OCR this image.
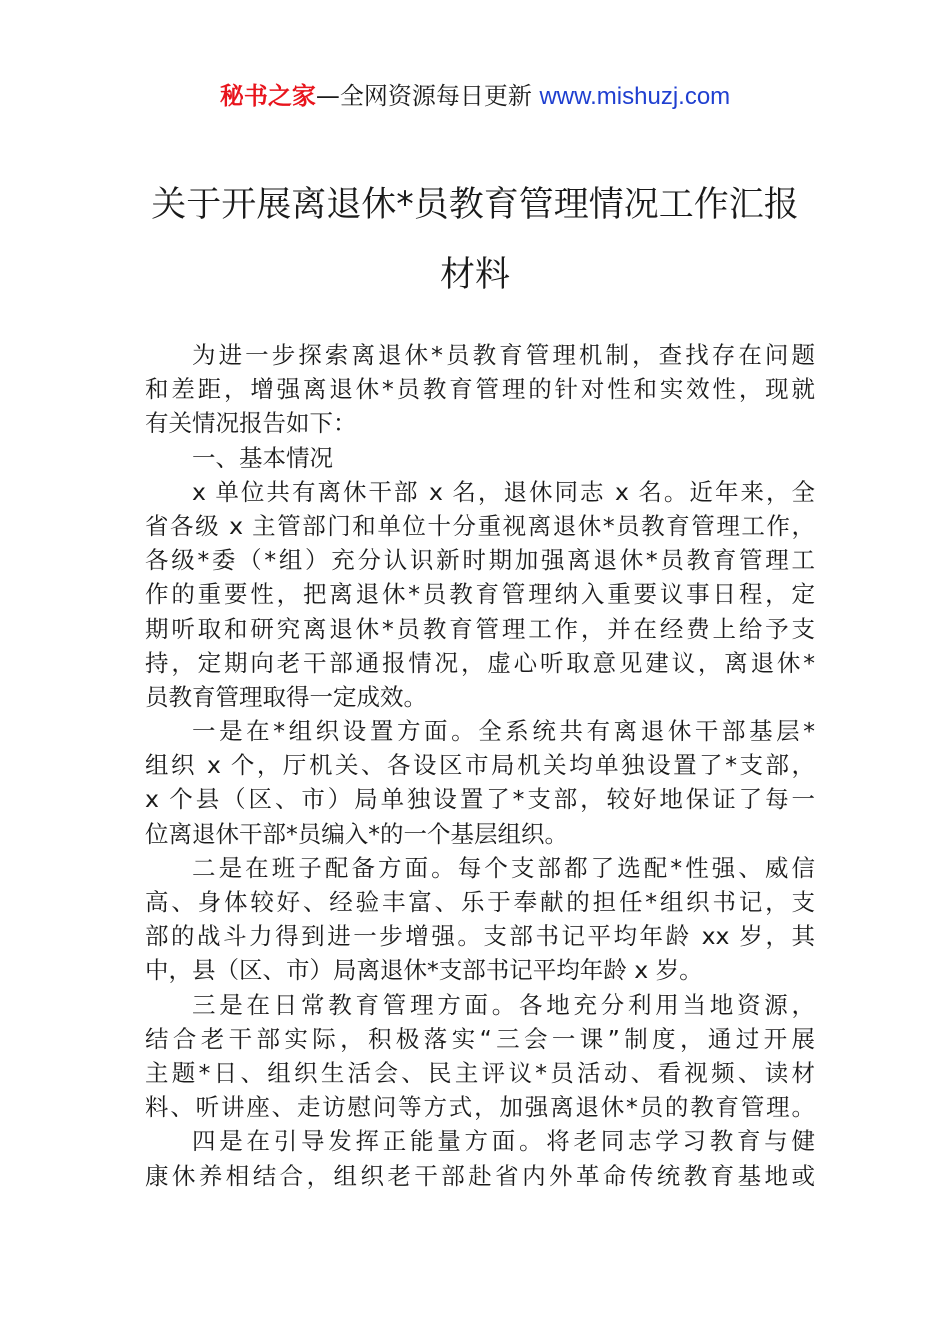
秘书之家—全网资源每日更新 www.mishuzj.com
关于开展离退休*员教育管理情况工作汇报
材料
为进一步探索离退休*员教育管理机制，查找存在问题
和差距，增强离退休*员教育管理的针对性和实效性，现就
有关情况报告如下：
一、基本情况
x 单位共有离休干部 x 名，退休同志 x 名。近年来，全
省各级 x 主管部门和单位十分重视离退休*员教育管理工作，
各级*委（*组）充分认识新时期加强离退休*员教育管理工
作的重要性，把离退休*员教育管理纳入重要议事日程，定
期听取和研究离退休*员教育管理工作，并在经费上给予支
持，定期向老干部通报情况，虚心听取意见建议，离退休*
员教育管理取得一定成效。
一是在*组织设置方面。全系统共有离退休干部基层*
组织 x 个，厅机关、各设区市局机关均单独设置了*支部，
x 个县（区、市）局单独设置了*支部，较好地保证了每一
位离退休干部*员编入*的一个基层组织。
二是在班子配备方面。每个支部都了选配*性强、威信
高、身体较好、经验丰富、乐于奉献的担任*组织书记，支
部的战斗力得到进一步增强。支部书记平均年龄 xx 岁，其
中，县（区、市）局离退休*支部书记平均年龄 x 岁。
三是在日常教育管理方面。各地充分利用当地资源，
结合老干部实际，积极落实“三会一课”制度，通过开展
主题*日、组织生活会、民主评议*员活动、看视频、读材
料、听讲座、走访慰问等方式，加强离退休*员的教育管理。
四是在引导发挥正能量方面。将老同志学习教育与健
康休养相结合，组织老干部赴省内外革命传统教育基地或
